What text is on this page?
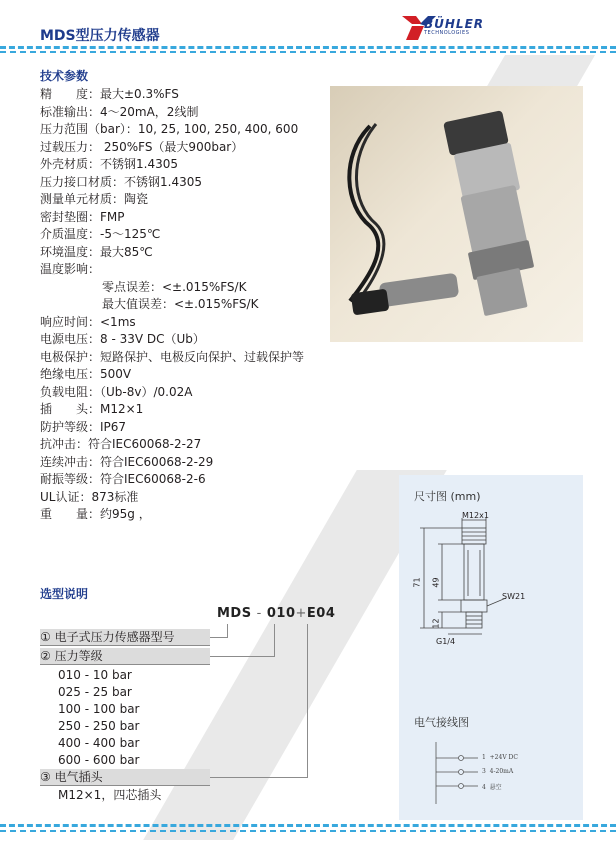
MDS型压力传感器
BÜHLER
TECHNOLOGIES
技术参数
精　　度：最大±0.3%FS
标准输出：4～20mA，2线制
压力范围（bar）：10, 25, 100, 250, 400, 600
过载压力： 250%FS（最大900bar）
外壳材质：不锈钢1.4305
压力接口材质：不锈钢1.4305
测量单元材质：陶瓷
密封垫圈：FMP
介质温度：-5～125℃
环境温度：最大85℃
温度影响：
零点误差：<±.015%FS/K
最大值误差：<±.015%FS/K
响应时间：<1ms
电源电压：8 - 33V DC（Ub）
电极保护：短路保护、电极反向保护、过载保护等
绝缘电压：500V
负载电阻：（Ub-8v）/0.02A
插　　头：M12×1
防护等级：IP67
抗冲击：符合IEC60068-2-27
连续冲击：符合IEC60068-2-29
耐振等级：符合IEC60068-2-6
UL认证：873标准
重　　量：约95g ，
尺寸图 (mm)
M12x1
71 49
12
SW21
G1/4
电气接线图
1 +24V DC
3 4-20mA
4 悬空
选型说明
MDS - 010+E04
① 电子式压力传感器型号
② 压力等级
010 - 10 bar
025 - 25 bar
100 - 100 bar
250 - 250 bar
400 - 400 bar
600 - 600 bar
③ 电气插头
M12×1，四芯插头
